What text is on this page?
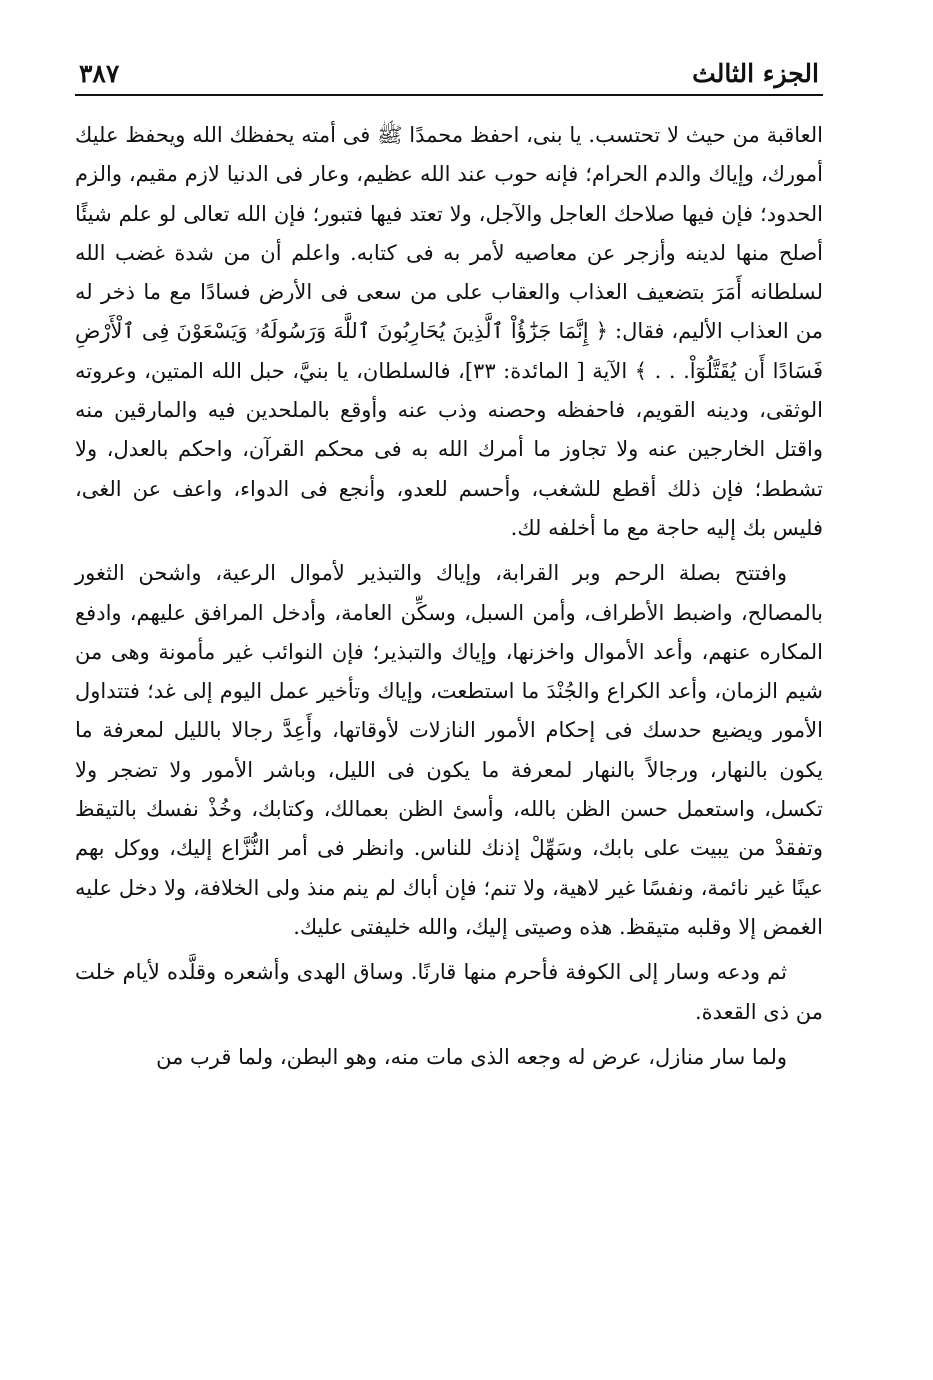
الجزء الثالث
٣٨٧

العاقبة من حيث لا تحتسب. يا بنى، احفظ محمدًا ﷺ فى أمته يحفظك الله ويحفظ عليك أمورك، وإياك والدم الحرام؛ فإنه حوب عند الله عظيم، وعار فى الدنيا لازم مقيم، والزم الحدود؛ فإن فيها صلاحك العاجل والآجل، ولا تعتد فيها فتبور؛ فإن الله تعالى لو علم شيئًا أصلح منها لدينه وأزجر عن معاصيه لأمر به فى كتابه. واعلم أن من شدة غضب الله لسلطانه أَمَرَ بتضعيف العذاب والعقاب على من سعى فى الأرض فسادًا مع ما ذخر له من العذاب الأليم، فقال: ﴿ إِنَّمَا جَزَٰٓؤُاْ ٱلَّذِينَ يُحَارِبُونَ ٱللَّهَ وَرَسُولَهُۥ وَيَسْعَوْنَ فِى ٱلْأَرْضِ فَسَادًا أَن يُقَتَّلُوٓاْ. . . ﴾ الآية [ المائدة: ٣٣]، فالسلطان، يا بنيَّ، حبل الله المتين، وعروته الوثقى، ودينه القويم، فاحفظه وحصنه وذب عنه وأوقع بالملحدين فيه والمارقين منه واقتل الخارجين عنه ولا تجاوز ما أمرك الله به فى محكم القرآن، واحكم بالعدل، ولا تشطط؛ فإن ذلك أقطع للشغب، وأحسم للعدو، وأنجع فى الدواء، واعف عن الغى، فليس بك إليه حاجة مع ما أخلفه لك.

وافتتح بصلة الرحم وبر القرابة، وإياك والتبذير لأموال الرعية، واشحن الثغور بالمصالح، واضبط الأطراف، وأمن السبل، وسكِّن العامة، وأدخل المرافق عليهم، وادفع المكاره عنهم، وأعد الأموال واخزنها، وإياك والتبذير؛ فإن النوائب غير مأمونة وهى من شيم الزمان، وأعد الكراع والجُنْدَ ما استطعت، وإياك وتأخير عمل اليوم إلى غد؛ فتتداول الأمور ويضيع حدسك فى إحكام الأمور النازلات لأوقاتها، وأَعِدَّ رجالا بالليل لمعرفة ما يكون بالنهار، ورجالاً بالنهار لمعرفة ما يكون فى الليل، وباشر الأمور ولا تضجر ولا تكسل، واستعمل حسن الظن بالله، وأسئ الظن بعمالك، وكتابك، وخُذْ نفسك بالتيقظ وتفقدْ من يبيت على بابك، وسَهِّلْ إذنك للناس. وانظر فى أمر النُّزَّاع إليك، ووكل بهم عينًا غير نائمة، ونفسًا غير لاهية، ولا تنم؛ فإن أباك لم ينم منذ ولى الخلافة، ولا دخل عليه الغمض إلا وقلبه متيقظ. هذه وصيتى إليك، والله خليفتى عليك.

ثم ودعه وسار إلى الكوفة فأحرم منها قارنًا. وساق الهدى وأشعره وقلَّده لأيام خلت من ذى القعدة.

ولما سار منازل، عرض له وجعه الذى مات منه، وهو البطن، ولما قرب من
